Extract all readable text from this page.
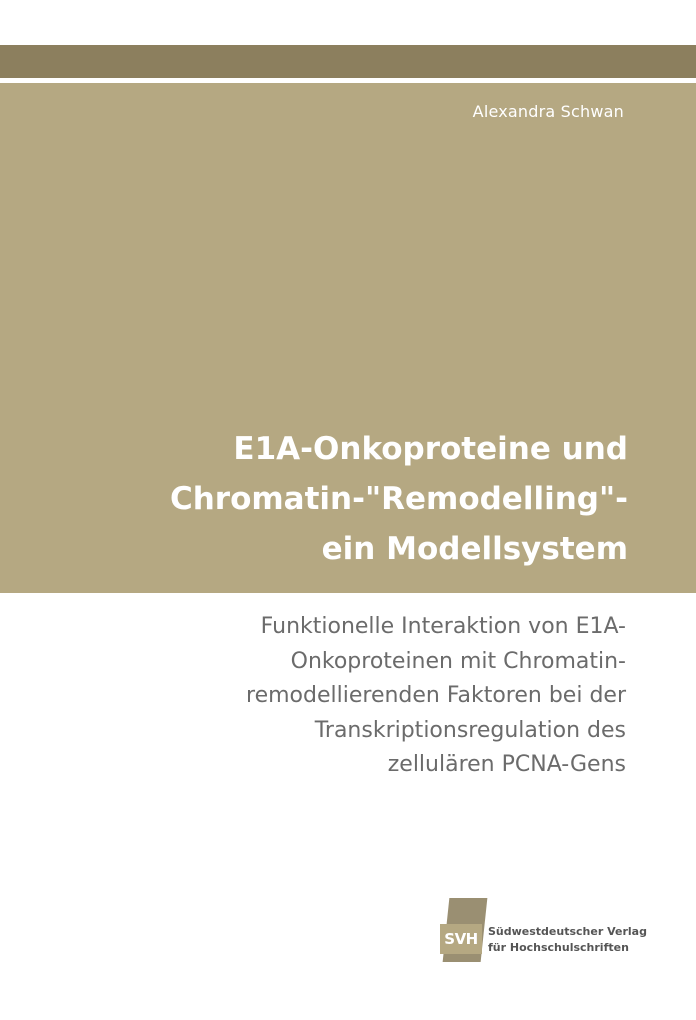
Alexandra Schwan
E1A-Onkoproteine und
Chromatin-"Remodelling"-
ein Modellsystem

Funktionelle Interaktion von E1A-
Onkoproteinen mit Chromatin-
remodellierenden Faktoren bei der
Transkriptionsregulation des
zellulären PCNA-Gens

SVH Südwestdeutscher Verlag
für Hochschulschriften
